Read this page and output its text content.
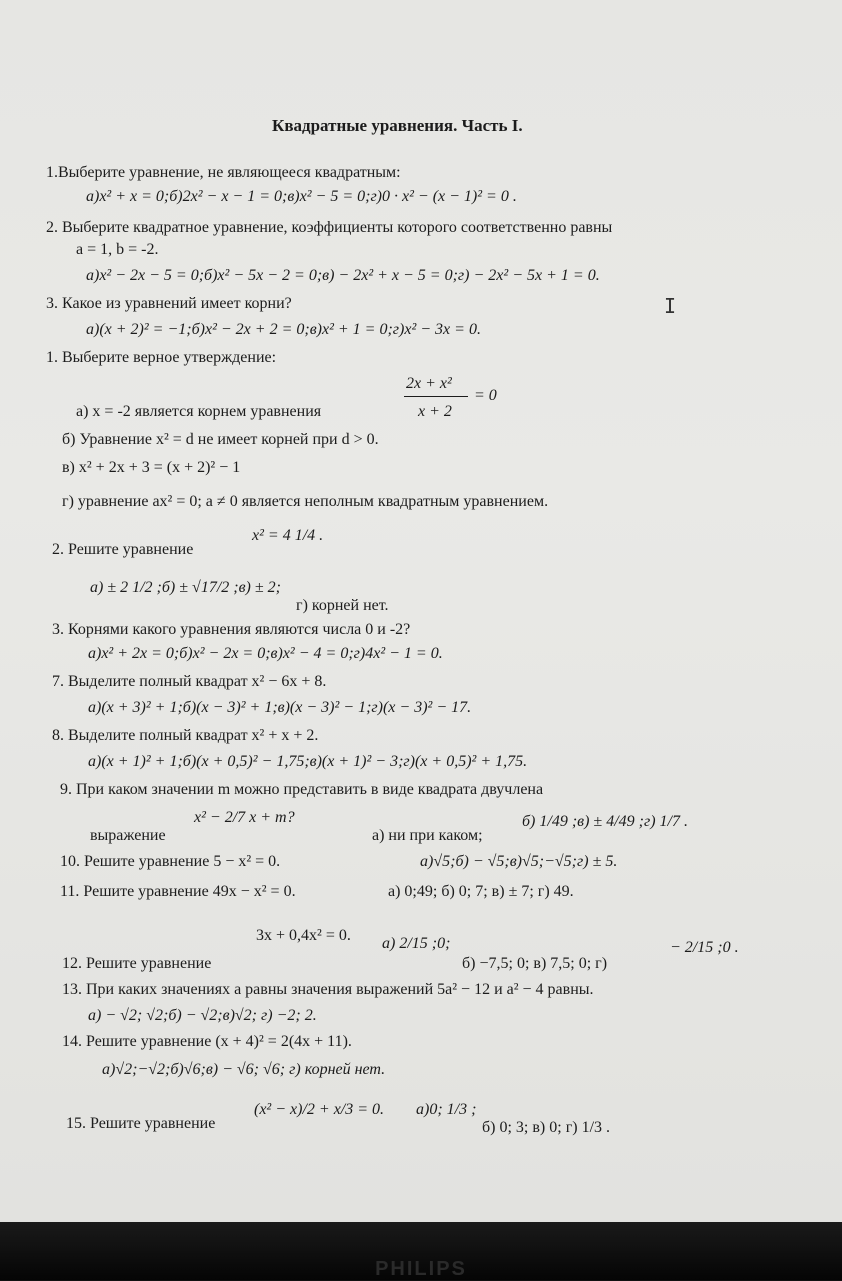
Квадратные уравнения. Часть I.
1.Выберите уравнение, не являющееся квадратным:
а)x² + x = 0;б)2x² − x − 1 = 0;в)x² − 5 = 0;г)0 · x² − (x − 1)² = 0 .
2. Выберите квадратное уравнение, коэффициенты которого соответственно равны
a = 1, b = -2.
а)x² − 2x − 5 = 0;б)x² − 5x − 2 = 0;в) − 2x² + x − 5 = 0;г) − 2x² − 5x + 1 = 0.
3. Какое из уравнений имеет корни?
а)(x + 2)² = −1;б)x² − 2x + 2 = 0;в)x² + 1 = 0;г)x² − 3x = 0.
1. Выберите верное утверждение:
2x + x²
= 0
а) x = -2 является корнем уравнения	x + 2
б) Уравнение x² = d не имеет корней при d > 0.
в) x² + 2x + 3 = (x + 2)² − 1
г) уравнение ax² = 0; a ≠ 0 является неполным квадратным уравнением.
x² = 4 1/4 .
2. Решите уравнение
а) ± 2 1/2 ;б) ± √17/2 ;в) ± 2;
г) корней нет.
3. Корнями какого уравнения являются числа 0 и -2?
а)x² + 2x = 0;б)x² − 2x = 0;в)x² − 4 = 0;г)4x² − 1 = 0.
7. Выделите полный квадрат x² − 6x + 8.
а)(x + 3)² + 1;б)(x − 3)² + 1;в)(x − 3)² − 1;г)(x − 3)² − 17.
8. Выделите полный квадрат x² + x + 2.
а)(x + 1)² + 1;б)(x + 0,5)² − 1,75;в)(x + 1)² − 3;г)(x + 0,5)² + 1,75.
9. При каком значении m можно представить в виде квадрата двучлена
x² − 2/7 x + m?
выражение	а) ни при каком;
б) 1/49 ;в) ± 4/49 ;г) 1/7 .
10. Решите уравнение 5 − x² = 0.	а)√5;б) − √5;в)√5;−√5;г) ± 5.
11. Решите уравнение 49x − x² = 0.	а) 0;49; б) 0; 7; в) ± 7; г) 49.
3x + 0,4x² = 0. а) 2/15 ;0;
12. Решите уравнение	б) −7,5; 0; в) 7,5; 0; г)
− 2/15 ;0 .
13. При каких значениях a равны значения выражений 5a² − 12 и a² − 4 равны.
а) − √2; √2;б) − √2;в)√2; г) −2; 2.
14. Решите уравнение (x + 4)² = 2(4x + 11).
а)√2;−√2;б)√6;в) − √6; √6; г) корней нет.
(x² − x)/2 + x/3 = 0. а)0; 1/3 ;
15. Решите уравнение	б) 0; 3; в) 0; г) 1/3 .
I
PHILIPS
